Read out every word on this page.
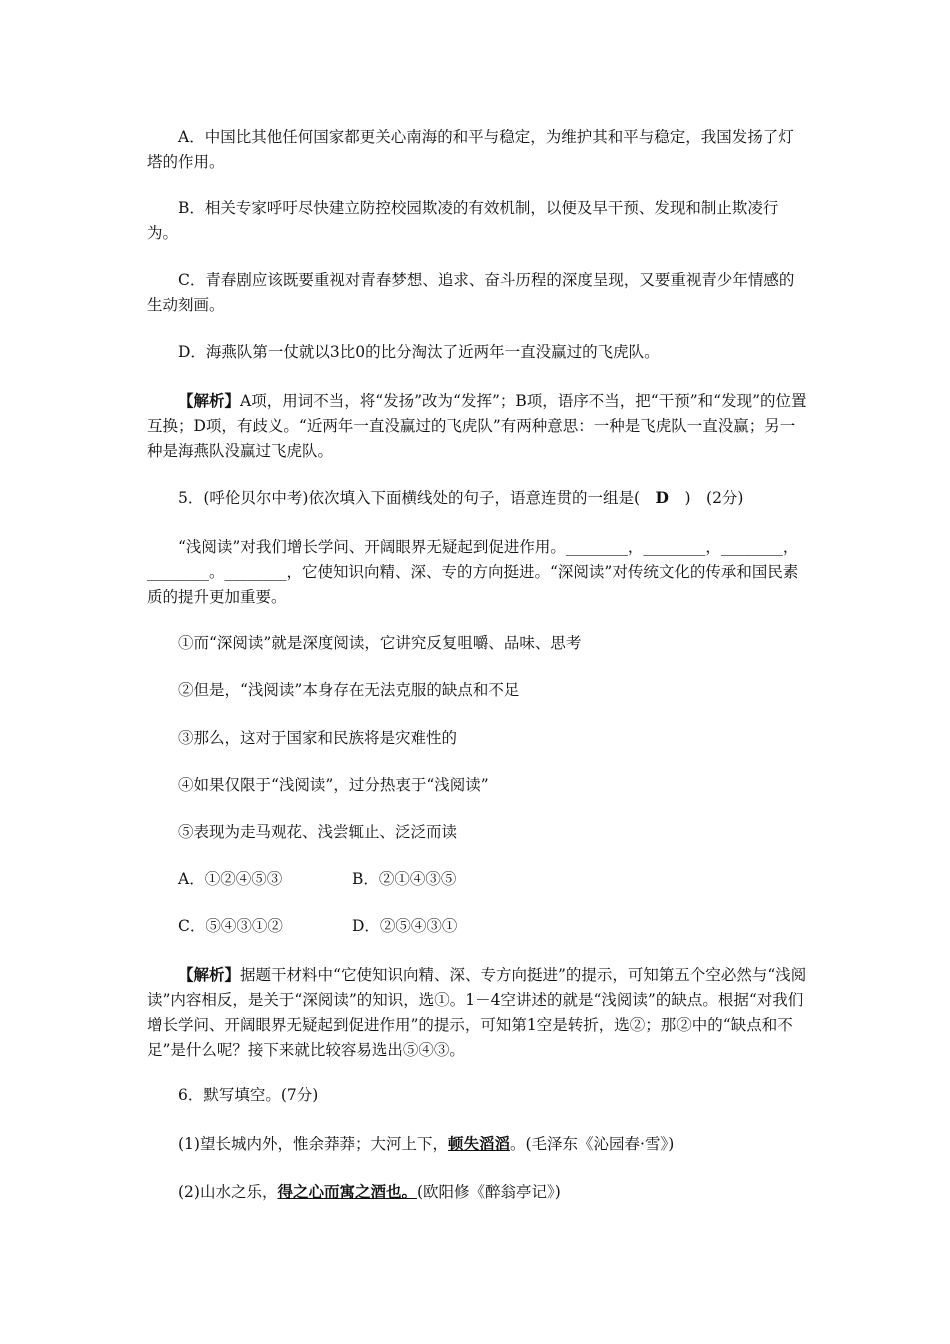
A．中国比其他任何国家都更关心南海的和平与稳定，为维护其和平与稳定，我国发扬了灯塔的作用。

B．相关专家呼吁尽快建立防控校园欺凌的有效机制，以便及早干预、发现和制止欺凌行为。

C．青春剧应该既要重视对青春梦想、追求、奋斗历程的深度呈现，又要重视青少年情感的生动刻画。

D．海燕队第一仗就以3比0的比分淘汰了近两年一直没赢过的飞虎队。

【解析】A项，用词不当，将“发扬”改为“发挥”；B项，语序不当，把“干预”和“发现”的位置互换；D项，有歧义。“近两年一直没赢过的飞虎队”有两种意思：一种是飞虎队一直没赢；另一种是海燕队没赢过飞虎队。

5．(呼伦贝尔中考)依次填入下面横线处的句子，语意连贯的一组是(　D　)　(2分)

“浅阅读”对我们增长学问、开阔眼界无疑起到促进作用。________，________，________，________。________，它使知识向精、深、专的方向挺进。“深阅读”对传统文化的传承和国民素质的提升更加重要。

①而“深阅读”就是深度阅读，它讲究反复咀嚼、品味、思考
②但是，“浅阅读”本身存在无法克服的缺点和不足
③那么，这对于国家和民族将是灾难性的
④如果仅限于“浅阅读”，过分热衷于“浅阅读”
⑤表现为走马观花、浅尝辄止、泛泛而读
A．①②④⑤③	B．②①④③⑤
C．⑤④③①②	D．②⑤④③①

【解析】据题干材料中“它使知识向精、深、专方向挺进”的提示，可知第五个空必然与“浅阅读”内容相反，是关于“深阅读”的知识，选①。1－4空讲述的就是“浅阅读”的缺点。根据“对我们增长学问、开阔眼界无疑起到促进作用”的提示，可知第1空是转折，选②；那②中的“缺点和不足”是什么呢？接下来就比较容易选出⑤④③。

6．默写填空。(7分)
(1)望长城内外，惟余莽莽；大河上下，顿失滔滔。(毛泽东《沁园春·雪》)
(2)山水之乐，得之心而寓之酒也。(欧阳修《醉翁亭记》)
